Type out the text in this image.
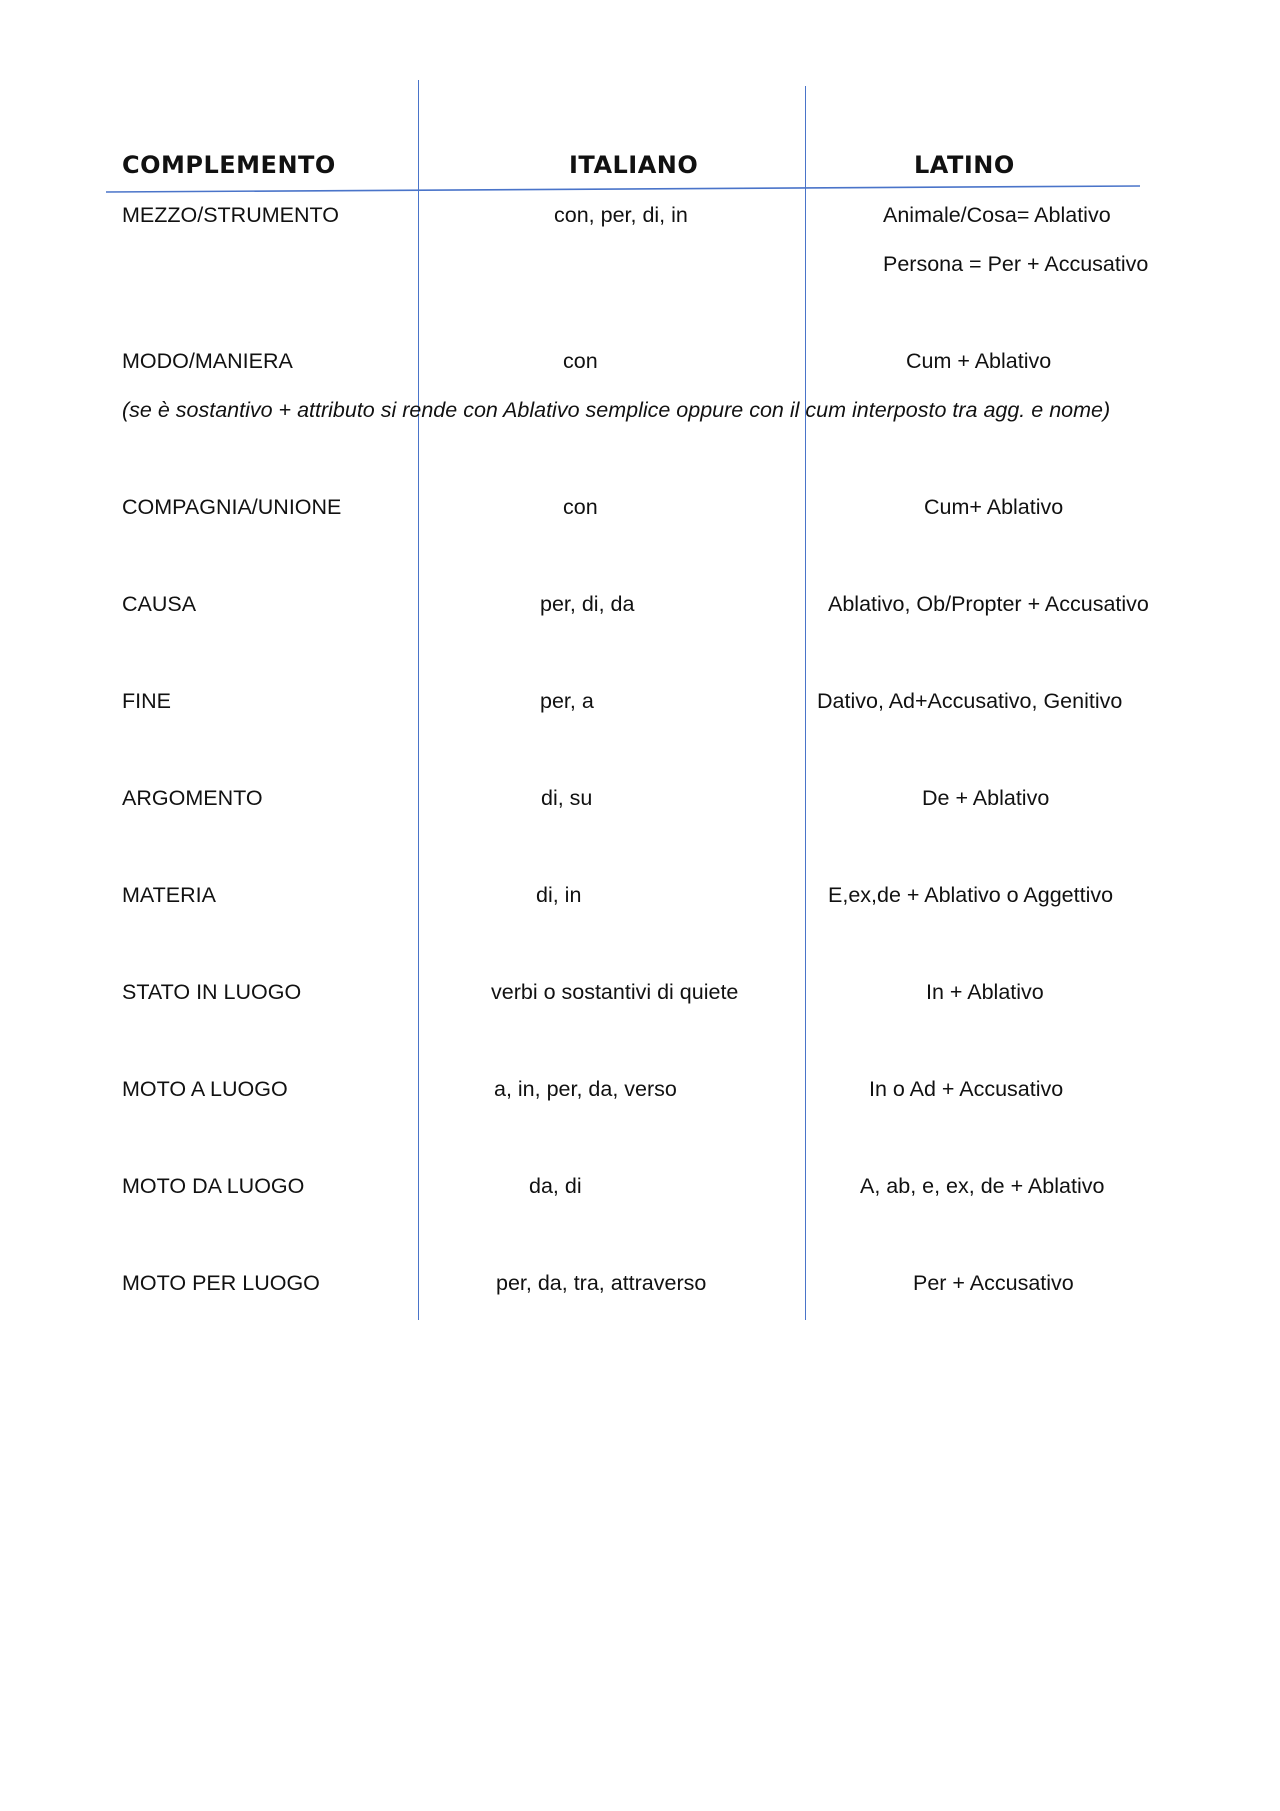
COMPLEMENTO	ITALIANO	LATINO
MEZZO/STRUMENTO	con, per, di, in	Animale/Cosa= Ablativo
Persona = Per + Accusativo
MODO/MANIERA	con	Cum + Ablativo
(se è sostantivo + attributo si rende con Ablativo semplice oppure con il cum interposto tra agg. e nome)
COMPAGNIA/UNIONE	con	Cum+ Ablativo
CAUSA	per, di, da	Ablativo, Ob/Propter + Accusativo
FINE	per, a	Dativo, Ad+Accusativo, Genitivo
ARGOMENTO	di, su	De + Ablativo
MATERIA	di, in	E,ex,de + Ablativo o Aggettivo
STATO IN LUOGO	verbi o sostantivi di quiete	In + Ablativo
MOTO A LUOGO	a, in, per, da, verso	In o Ad + Accusativo
MOTO DA LUOGO	da, di	A, ab, e, ex, de + Ablativo
MOTO PER LUOGO	per, da, tra, attraverso	Per + Accusativo
